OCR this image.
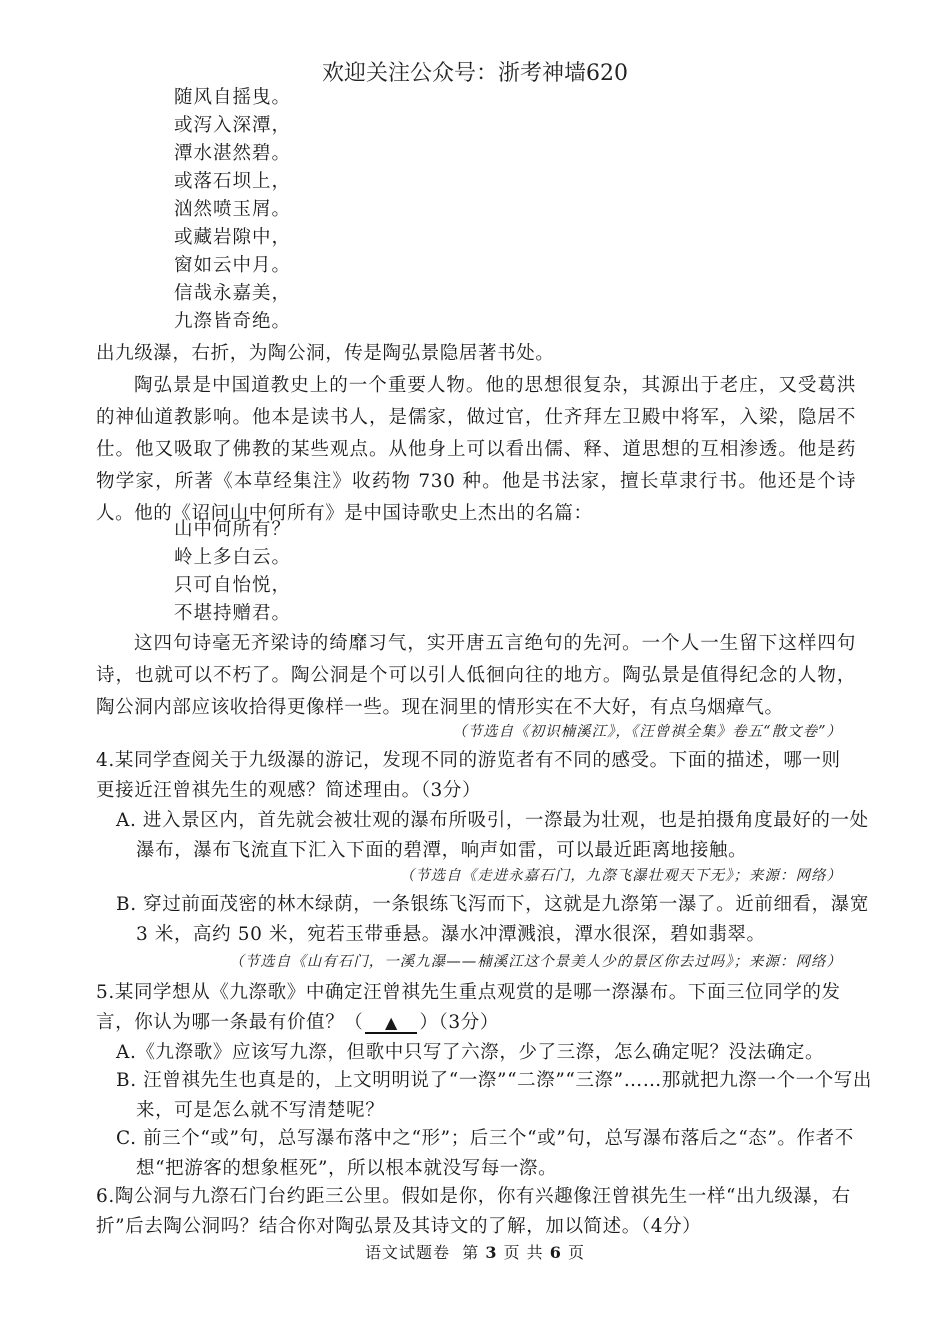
欢迎关注公众号：浙考神墙620
随风自摇曳。
或泻入深潭，
潭水湛然碧。
或落石坝上，
汹然喷玉屑。
或藏岩隙中，
窗如云中月。
信哉永嘉美，
九漈皆奇绝。
出九级瀑，右折，为陶公洞，传是陶弘景隐居著书处。
陶弘景是中国道教史上的一个重要人物。他的思想很复杂，其源出于老庄，又受葛洪的神仙道教影响。他本是读书人，是儒家，做过官，仕齐拜左卫殿中将军，入梁，隐居不仕。他又吸取了佛教的某些观点。从他身上可以看出儒、释、道思想的互相渗透。他是药物学家，所著《本草经集注》收药物 730 种。他是书法家，擅长草隶行书。他还是个诗人。他的《诏问山中何所有》是中国诗歌史上杰出的名篇：
山中何所有？
岭上多白云。
只可自怡悦，
不堪持赠君。
这四句诗毫无齐梁诗的绮靡习气，实开唐五言绝句的先河。一个人一生留下这样四句诗，也就可以不朽了。陶公洞是个可以引人低徊向往的地方。陶弘景是值得纪念的人物，陶公洞内部应该收拾得更像样一些。现在洞里的情形实在不大好，有点乌烟瘴气。
（节选自《初识楠溪江》，《汪曾祺全集》卷五“散文卷”）
4.某同学查阅关于九级瀑的游记，发现不同的游览者有不同的感受。下面的描述，哪一则更接近汪曾祺先生的观感？简述理由。（3分）
A. 进入景区内，首先就会被壮观的瀑布所吸引，一漈最为壮观，也是拍摄角度最好的一处瀑布，瀑布飞流直下汇入下面的碧潭，响声如雷，可以最近距离地接触。
（节选自《走进永嘉石门，九漈飞瀑壮观天下无》；来源：网络）
B. 穿过前面茂密的林木绿荫，一条银练飞泻而下，这就是九漈第一瀑了。近前细看，瀑宽 3 米，高约 50 米，宛若玉带垂悬。瀑水冲潭溅浪，潭水很深，碧如翡翠。
（节选自《山有石门，一溪九瀑——楠溪江这个景美人少的景区你去过吗》；来源：网络）
5.某同学想从《九漈歌》中确定汪曾祺先生重点观赏的是哪一漈瀑布。下面三位同学的发言，你认为哪一条最有价值？（ ▲ ）（3分）
A.《九漈歌》应该写九漈，但歌中只写了六漈，少了三漈，怎么确定呢？没法确定。
B. 汪曾祺先生也真是的，上文明明说了“一漈”“二漈”“三漈”……那就把九漈一个一个写出来，可是怎么就不写清楚呢？
C. 前三个“或”句，总写瀑布落中之“形”；后三个“或”句，总写瀑布落后之“态”。作者不想“把游客的想象框死”，所以根本就没写每一漈。
6.陶公洞与九漈石门台约距三公里。假如是你，你有兴趣像汪曾祺先生一样“出九级瀑，右折”后去陶公洞吗？结合你对陶弘景及其诗文的了解，加以简述。（4分）
语文试题卷 第 3 页 共 6 页
